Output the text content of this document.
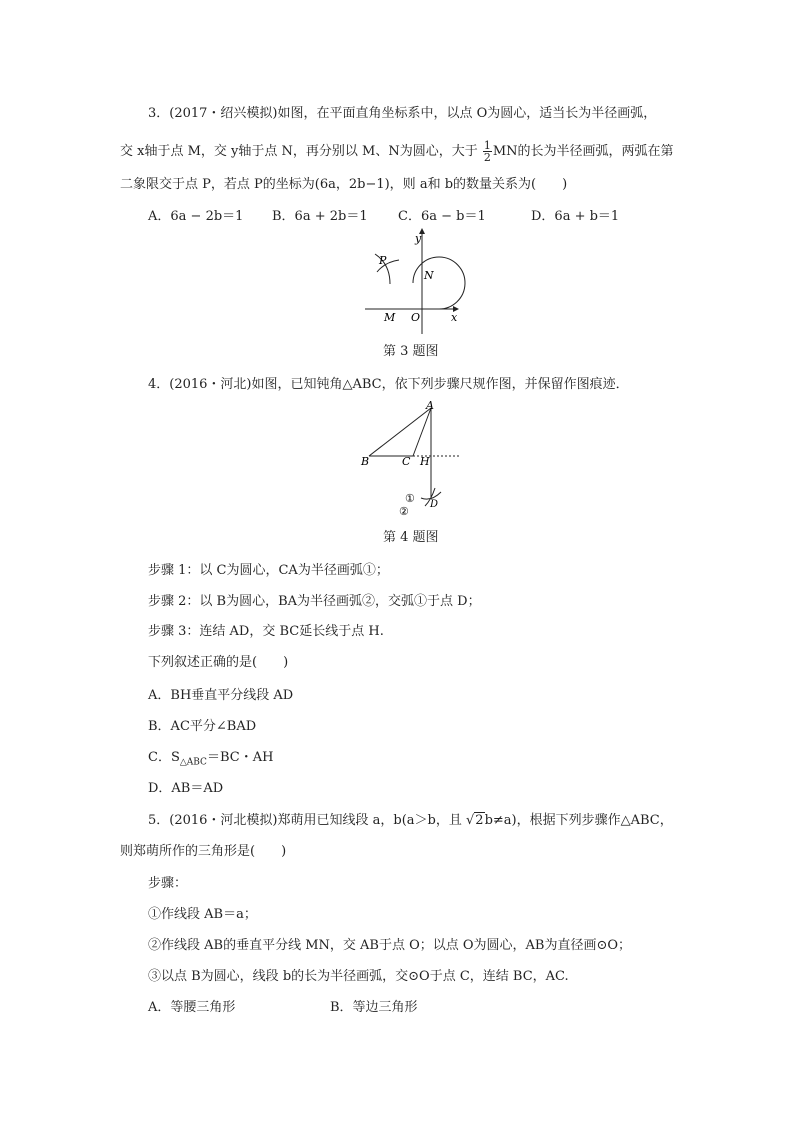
3．(2017・绍兴模拟)如图，在平面直角坐标系中，以点 O为圆心，适当长为半径画弧，
交 x轴于点 M，交 y轴于点 N，再分别以 M、N为圆心，大于 $\frac{1}{2}$ MN的长为半径画弧，两弧在第
二象限交于点 P，若点 P的坐标为(6a，2b−1)，则 a和 b的数量关系为(　　)
A．6a − 2b＝1 B．6a + 2b＝1 C．6a − b＝1	D．6a + b＝1
y
x
O
M
N
P
第 3 题图
4．(2016・河北)如图，已知钝角△ABC，依下列步骤尺规作图，并保留作图痕迹．
A
B	C H
D
①
②
第 4 题图
步骤 1：以 C为圆心，CA为半径画弧①；
步骤 2：以 B为圆心，BA为半径画弧②，交弧①于点 D；
步骤 3：连结 AD，交 BC延长线于点 H.
下列叙述正确的是(　　)
A．BH垂直平分线段 AD
B．AC平分∠BAD
C．$S_{\triangle ABC}=BC$・AH
D．AB＝AD
5．(2016・河北模拟)郑萌用已知线段 a，b(a＞b，且 √2b≠a)，根据下列步骤作△ABC，
则郑萌所作的三角形是(　　)
步骤：
①作线段 AB＝a；
②作线段 AB的垂直平分线 MN，交 AB于点 O；以点 O为圆心，AB为直径画⊙O；
③以点 B为圆心，线段 b的长为半径画弧，交⊙O于点 C，连结 BC，AC.
A．等腰三角形	B．等边三角形
